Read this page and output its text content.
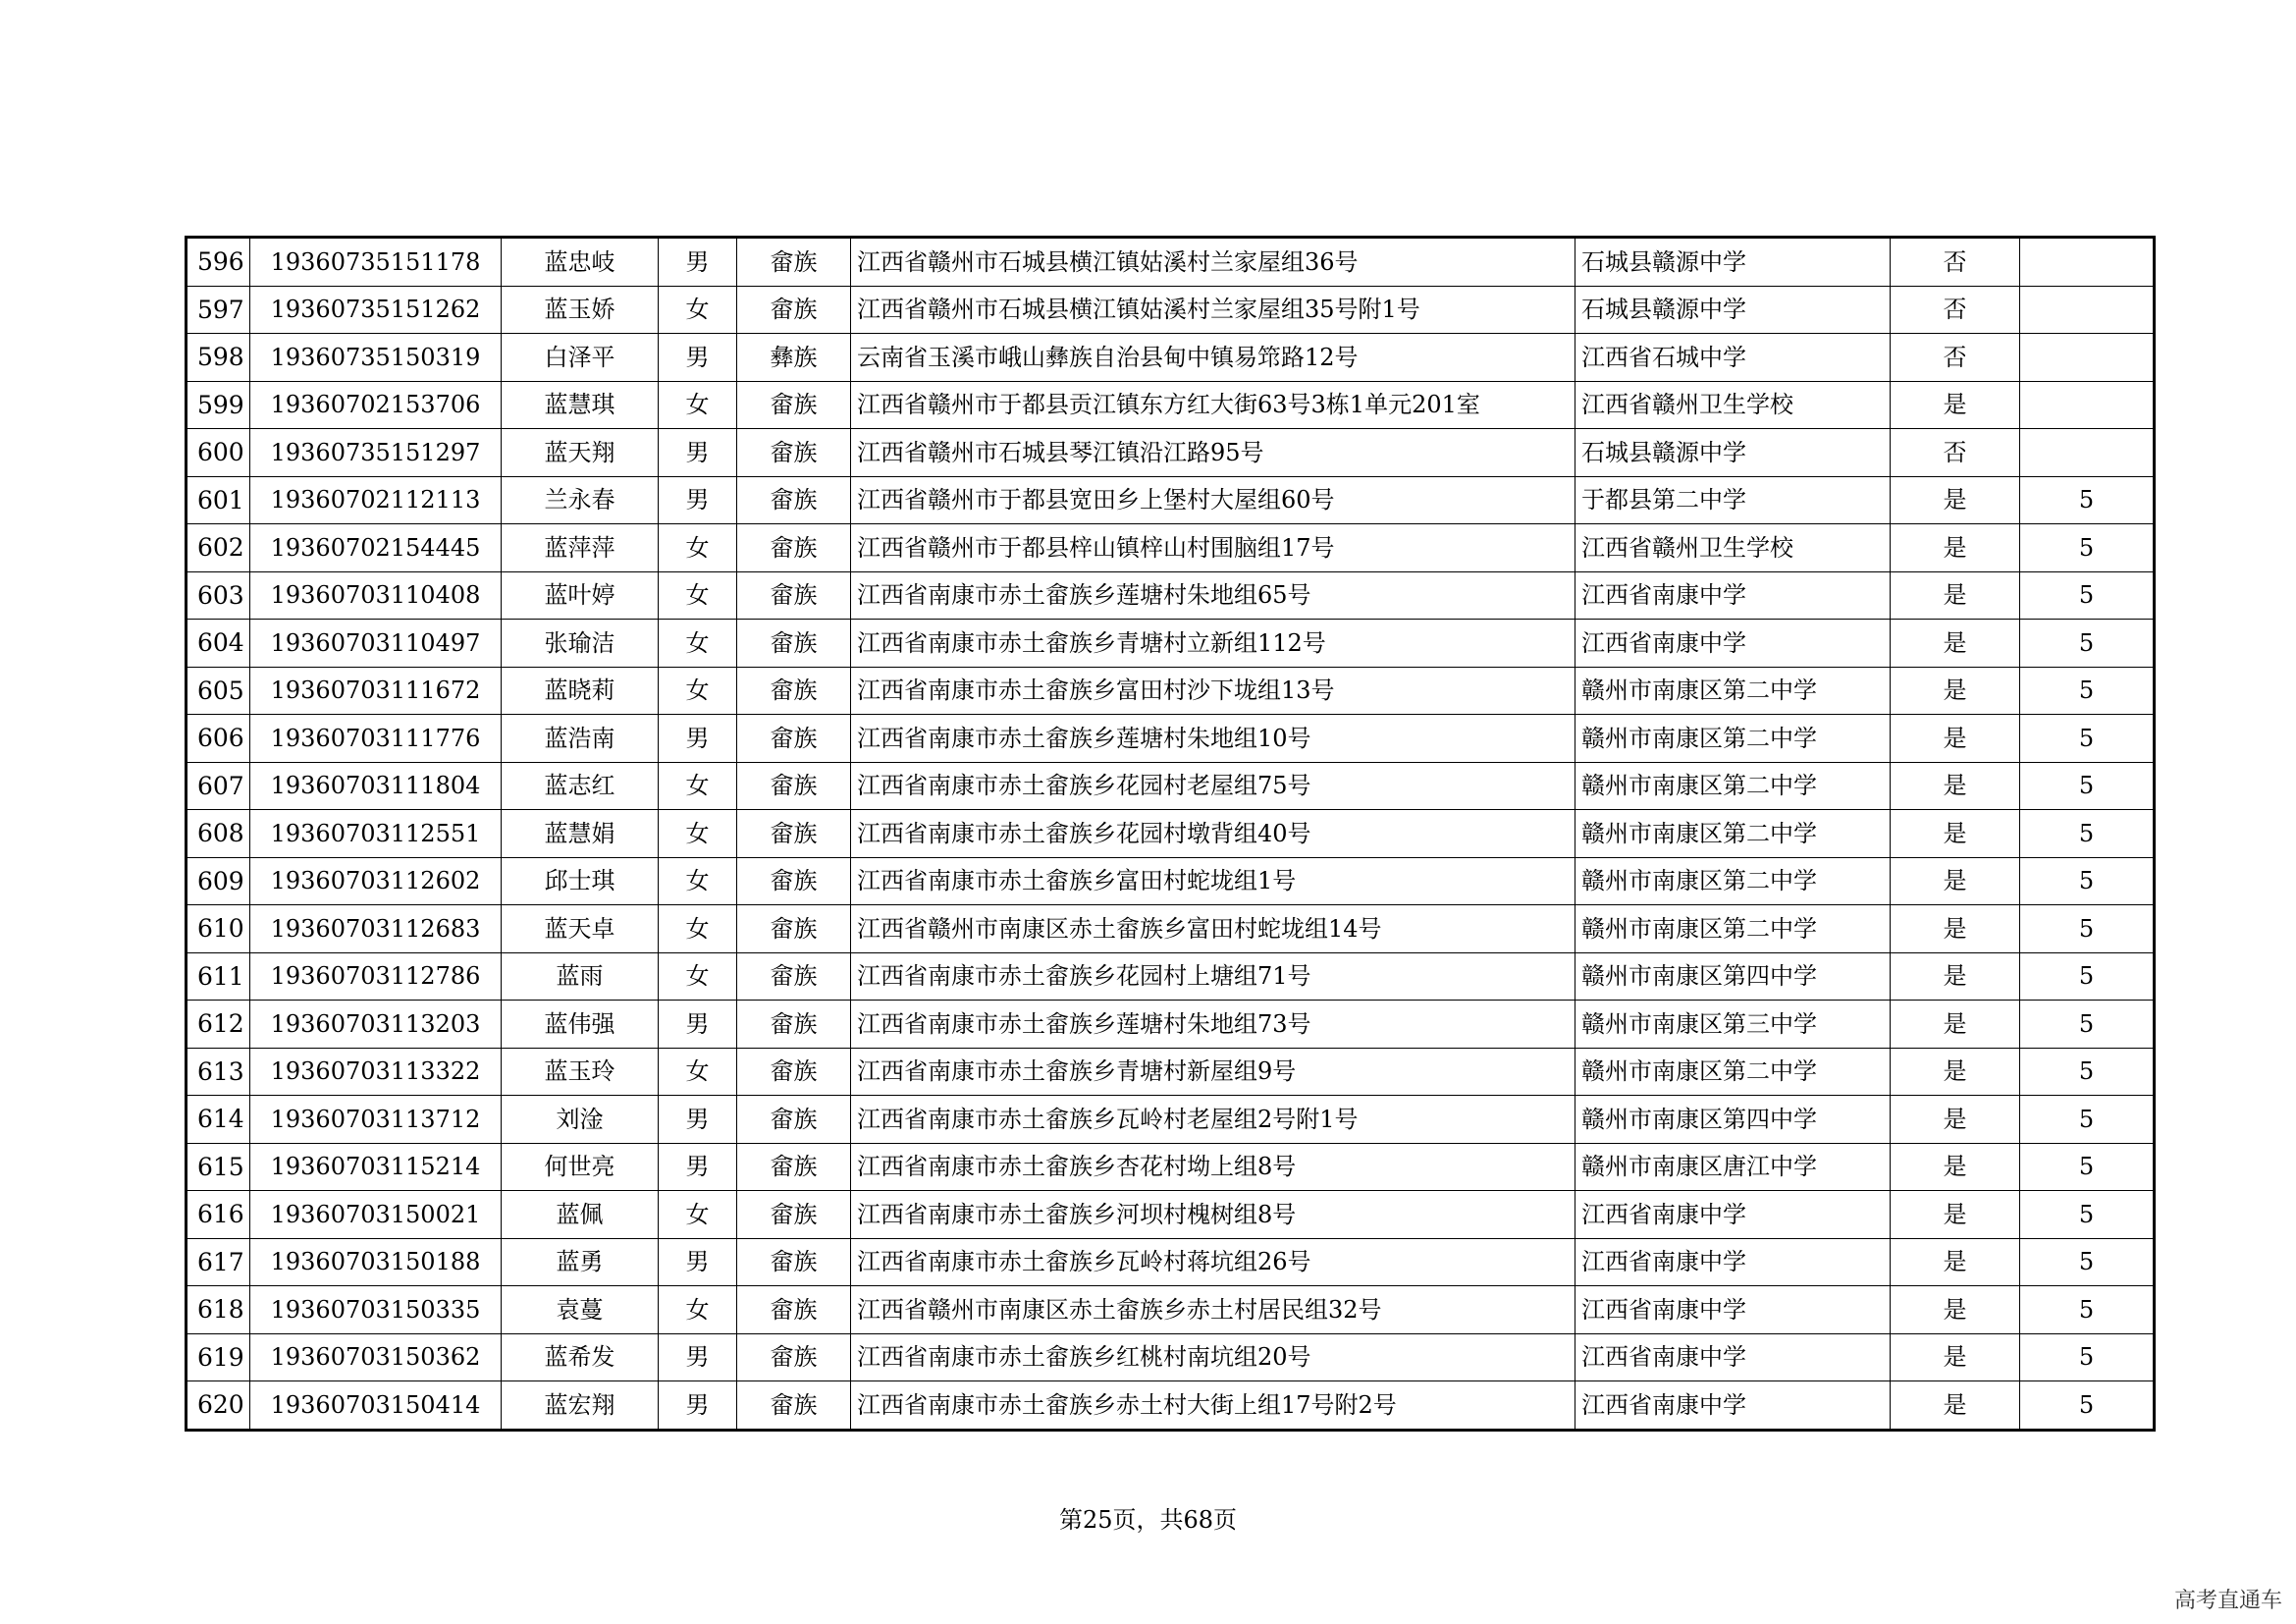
596	19360735151178	蓝忠岐	男	畲族	江西省赣州市石城县横江镇姑溪村兰家屋组36号	石城县赣源中学	否	
597	19360735151262	蓝玉娇	女	畲族	江西省赣州市石城县横江镇姑溪村兰家屋组35号附1号	石城县赣源中学	否	
598	19360735150319	白泽平	男	彝族	云南省玉溪市峨山彝族自治县甸中镇易筇路12号	江西省石城中学	否	
599	19360702153706	蓝慧琪	女	畲族	江西省赣州市于都县贡江镇东方红大街63号3栋1单元201室	江西省赣州卫生学校	是	
600	19360735151297	蓝天翔	男	畲族	江西省赣州市石城县琴江镇沿江路95号	石城县赣源中学	否	
601	19360702112113	兰永春	男	畲族	江西省赣州市于都县宽田乡上堡村大屋组60号	于都县第二中学	是	5
602	19360702154445	蓝萍萍	女	畲族	江西省赣州市于都县梓山镇梓山村围脑组17号	江西省赣州卫生学校	是	5
603	19360703110408	蓝叶婷	女	畲族	江西省南康市赤土畲族乡莲塘村朱地组65号	江西省南康中学	是	5
604	19360703110497	张瑜洁	女	畲族	江西省南康市赤土畲族乡青塘村立新组112号	江西省南康中学	是	5
605	19360703111672	蓝晓莉	女	畲族	江西省南康市赤土畲族乡富田村沙下垅组13号	赣州市南康区第二中学	是	5
606	19360703111776	蓝浩南	男	畲族	江西省南康市赤土畲族乡莲塘村朱地组10号	赣州市南康区第二中学	是	5
607	19360703111804	蓝志红	女	畲族	江西省南康市赤土畲族乡花园村老屋组75号	赣州市南康区第二中学	是	5
608	19360703112551	蓝慧娟	女	畲族	江西省南康市赤土畲族乡花园村墩背组40号	赣州市南康区第二中学	是	5
609	19360703112602	邱士琪	女	畲族	江西省南康市赤土畲族乡富田村蛇垅组1号	赣州市南康区第二中学	是	5
610	19360703112683	蓝天卓	女	畲族	江西省赣州市南康区赤土畲族乡富田村蛇垅组14号	赣州市南康区第二中学	是	5
611	19360703112786	蓝雨	女	畲族	江西省南康市赤土畲族乡花园村上塘组71号	赣州市南康区第四中学	是	5
612	19360703113203	蓝伟强	男	畲族	江西省南康市赤土畲族乡莲塘村朱地组73号	赣州市南康区第三中学	是	5
613	19360703113322	蓝玉玲	女	畲族	江西省南康市赤土畲族乡青塘村新屋组9号	赣州市南康区第二中学	是	5
614	19360703113712	刘淦	男	畲族	江西省南康市赤土畲族乡瓦岭村老屋组2号附1号	赣州市南康区第四中学	是	5
615	19360703115214	何世亮	男	畲族	江西省南康市赤土畲族乡杏花村坳上组8号	赣州市南康区唐江中学	是	5
616	19360703150021	蓝佩	女	畲族	江西省南康市赤土畲族乡河坝村槐树组8号	江西省南康中学	是	5
617	19360703150188	蓝勇	男	畲族	江西省南康市赤土畲族乡瓦岭村蒋坑组26号	江西省南康中学	是	5
618	19360703150335	袁蔓	女	畲族	江西省赣州市南康区赤土畲族乡赤土村居民组32号	江西省南康中学	是	5
619	19360703150362	蓝希发	男	畲族	江西省南康市赤土畲族乡红桃村南坑组20号	江西省南康中学	是	5
620	19360703150414	蓝宏翔	男	畲族	江西省南康市赤土畲族乡赤土村大街上组17号附2号	江西省南康中学	是	5
第25页，共68页
高考直通车
